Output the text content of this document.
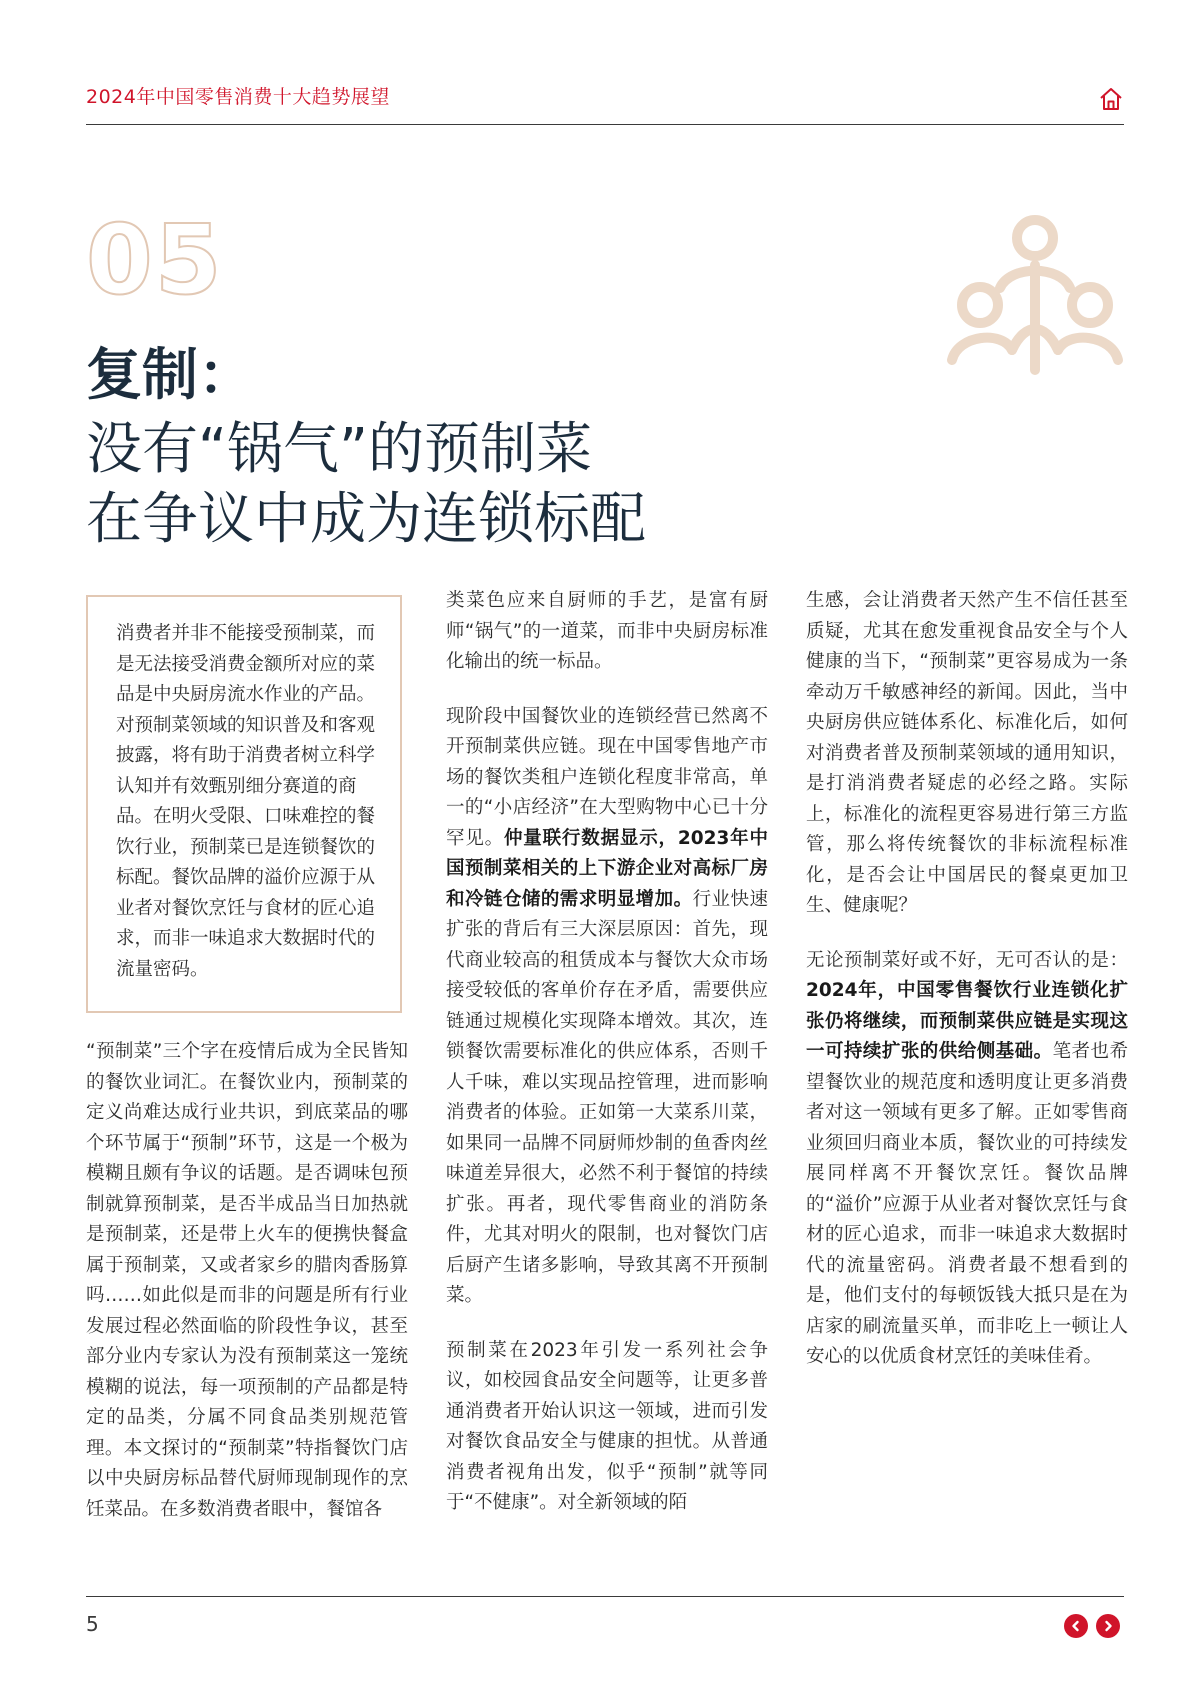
2024年中国零售消费十大趋势展望
05
复制：
没有“锅气”的预制菜
在争议中成为连锁标配
消费者并非不能接受预制菜，而是无法接受消费金额所对应的菜品是中央厨房流水作业的产品。对预制菜领域的知识普及和客观披露，将有助于消费者树立科学认知并有效甄别细分赛道的商品。在明火受限、口味难控的餐饮行业，预制菜已是连锁餐饮的标配。餐饮品牌的溢价应源于从业者对餐饮烹饪与食材的匠心追求，而非一味追求大数据时代的流量密码。

“预制菜”三个字在疫情后成为全民皆知的餐饮业词汇。在餐饮业内，预制菜的定义尚难达成行业共识，到底菜品的哪个环节属于“预制”环节，这是一个极为模糊且颇有争议的话题。是否调味包预制就算预制菜，是否半成品当日加热就是预制菜，还是带上火车的便携快餐盒属于预制菜，又或者家乡的腊肉香肠算吗……如此似是而非的问题是所有行业发展过程必然面临的阶段性争议，甚至部分业内专家认为没有预制菜这一笼统模糊的说法，每一项预制的产品都是特定的品类，分属不同食品类别规范管理。本文探讨的“预制菜”特指餐饮门店以中央厨房标品替代厨师现制现作的烹饪菜品。在多数消费者眼中，餐馆各

类菜色应来自厨师的手艺，是富有厨师“锅气”的一道菜，而非中央厨房标准化输出的统一标品。

现阶段中国餐饮业的连锁经营已然离不开预制菜供应链。现在中国零售地产市场的餐饮类租户连锁化程度非常高，单一的“小店经济”在大型购物中心已十分罕见。仲量联行数据显示，2023年中国预制菜相关的上下游企业对高标厂房和冷链仓储的需求明显增加。行业快速扩张的背后有三大深层原因：首先，现代商业较高的租赁成本与餐饮大众市场接受较低的客单价存在矛盾，需要供应链通过规模化实现降本增效。其次，连锁餐饮需要标准化的供应体系，否则千人千味，难以实现品控管理，进而影响消费者的体验。正如第一大菜系川菜，如果同一品牌不同厨师炒制的鱼香肉丝味道差异很大，必然不利于餐馆的持续扩张。再者，现代零售商业的消防条件，尤其对明火的限制，也对餐饮门店后厨产生诸多影响，导致其离不开预制菜。

预制菜在2023年引发一系列社会争议，如校园食品安全问题等，让更多普通消费者开始认识这一领域，进而引发对餐饮食品安全与健康的担忧。从普通消费者视角出发，似乎“预制”就等同于“不健康”。对全新领域的陌

生感，会让消费者天然产生不信任甚至质疑，尤其在愈发重视食品安全与个人健康的当下，“预制菜”更容易成为一条牵动万千敏感神经的新闻。因此，当中央厨房供应链体系化、标准化后，如何对消费者普及预制菜领域的通用知识，是打消消费者疑虑的必经之路。实际上，标准化的流程更容易进行第三方监管，那么将传统餐饮的非标流程标准化，是否会让中国居民的餐桌更加卫生、健康呢？

无论预制菜好或不好，无可否认的是：2024年，中国零售餐饮行业连锁化扩张仍将继续，而预制菜供应链是实现这一可持续扩张的供给侧基础。笔者也希望餐饮业的规范度和透明度让更多消费者对这一领域有更多了解。正如零售商业须回归商业本质，餐饮业的可持续发展同样离不开餐饮烹饪。餐饮品牌的“溢价”应源于从业者对餐饮烹饪与食材的匠心追求，而非一味追求大数据时代的流量密码。消费者最不想看到的是，他们支付的每顿饭钱大抵只是在为店家的刷流量买单，而非吃上一顿让人安心的以优质食材烹饪的美味佳肴。

5
